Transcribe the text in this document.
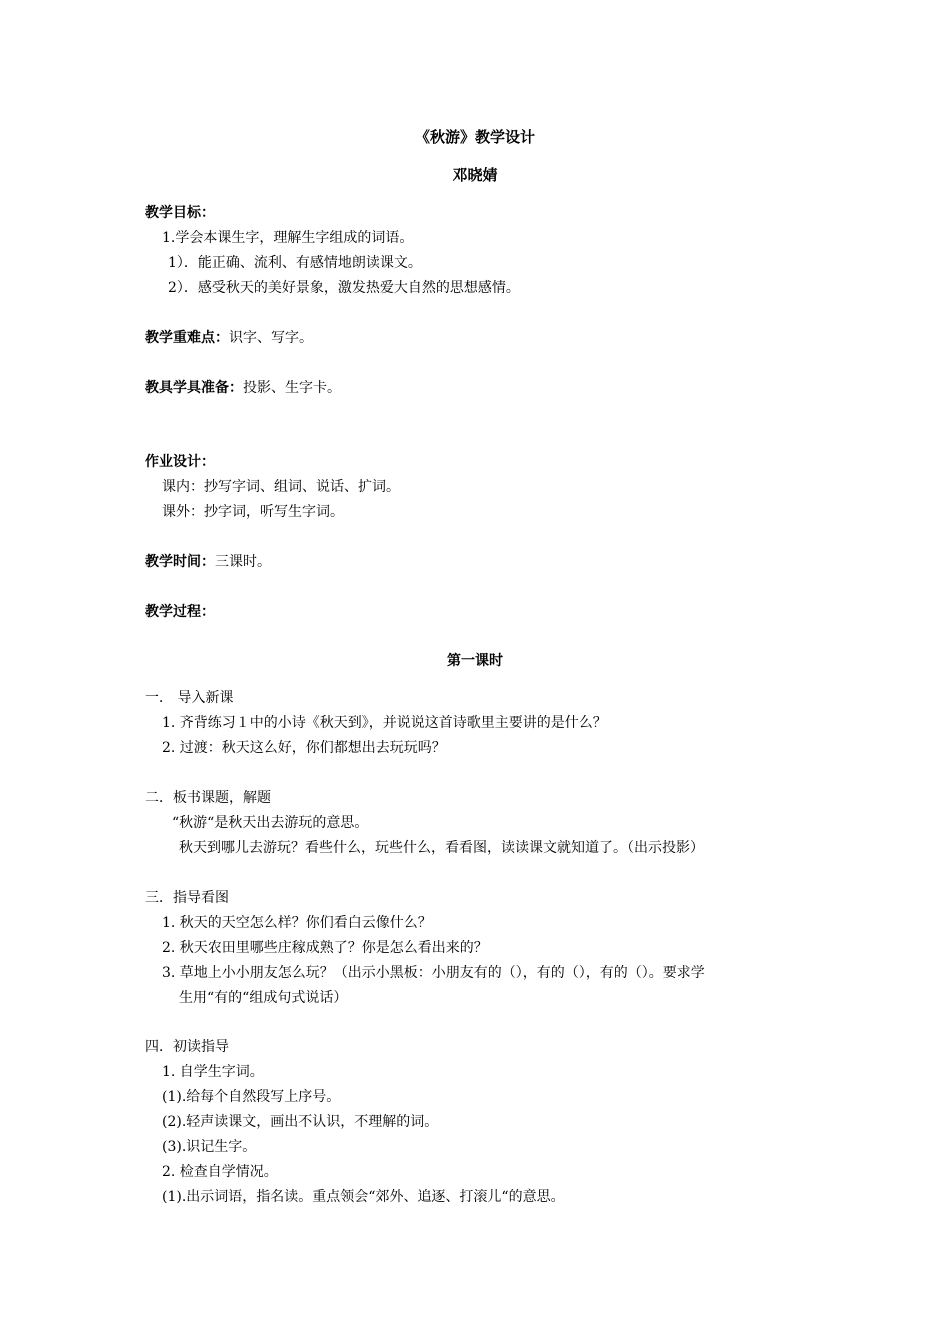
《秋游》教学设计
邓晓婧
教学目标：
1.学会本课生字，理解生字组成的词语。
1）．能正确、流利、有感情地朗读课文。
2）．感受秋天的美好景象，激发热爱大自然的思想感情。
教学重难点：识字、写字。
教具学具准备：投影、生字卡。
作业设计：
课内：抄写字词、组词、说话、扩词。
课外：抄字词，听写生字词。
教学时间：三课时。
教学过程：
第一课时
一． 导入新课
1. 齐背练习１中的小诗《秋天到》，并说说这首诗歌里主要讲的是什么？
2. 过渡：秋天这么好，你们都想出去玩玩吗？
二．板书课题，解题
“秋游“是秋天出去游玩的意思。
秋天到哪儿去游玩？看些什么，玩些什么，看看图，读读课文就知道了。（出示投影）
三．指导看图
1. 秋天的天空怎么样？你们看白云像什么？
2. 秋天农田里哪些庄稼成熟了？你是怎么看出来的？
3. 草地上小小朋友怎么玩？（出示小黑板：小朋友有的（），有的（），有的（）。要求学
生用“有的“组成句式说话）
四．初读指导
1. 自学生字词。
(1).给每个自然段写上序号。
(2).轻声读课文，画出不认识，不理解的词。
(3).识记生字。
2. 检查自学情况。
(1).出示词语，指名读。重点领会“郊外、追逐、打滚儿“的意思。
